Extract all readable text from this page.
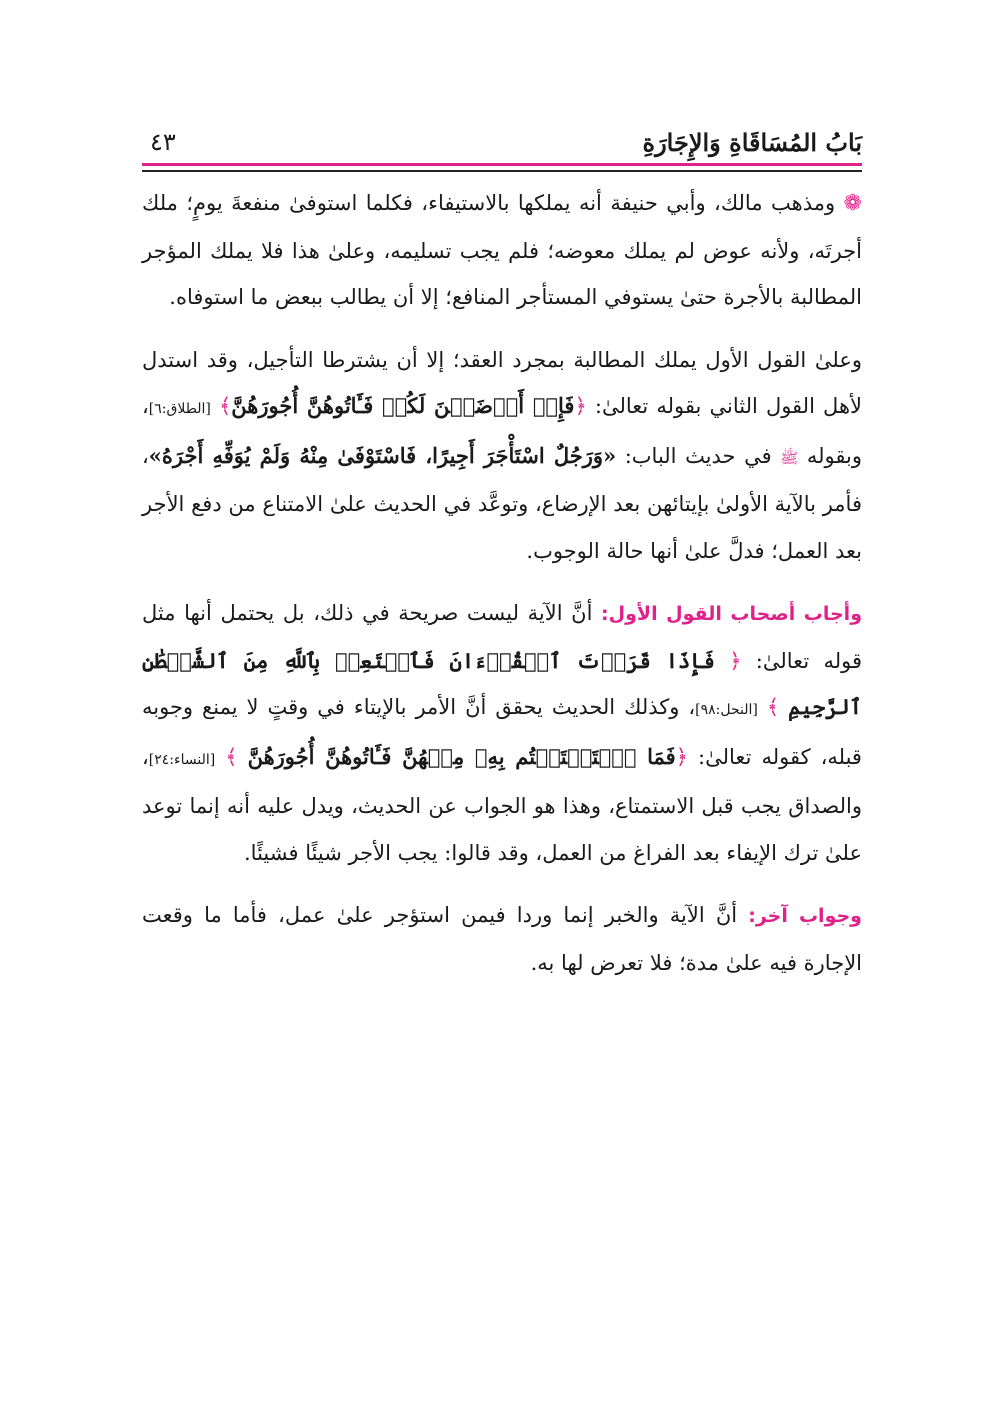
بَابُ المُسَاقَاةِ وَالإِجَارَةِ
٤٣

❁ ومذهب مالك، وأبي حنيفة أنه يملكها بالاستيفاء، فكلما استوفىٰ منفعةَ يومٍ؛ ملك أجرتَه، ولأنه عوض لم يملك معوضه؛ فلم يجب تسليمه، وعلىٰ هذا فلا يملك المؤجر المطالبة بالأجرة حتىٰ يستوفي المستأجر المنافع؛ إلا أن يطالب ببعض ما استوفاه.

وعلىٰ القول الأول يملك المطالبة بمجرد العقد؛ إلا أن يشترطا التأجيل، وقد استدل لأهل القول الثاني بقوله تعالىٰ: ﴿فَإِنۡ أَرۡضَعۡنَ لَكُمۡ فَـَٔاتُوهُنَّ أُجُورَهُنَّ﴾ [الطلاق:٦]، وبقوله ﷺ في حديث الباب: «وَرَجُلٌ اسْتَأْجَرَ أَجِيرًا، فَاسْتَوْفَىٰ مِنْهُ وَلَمْ يُوَفِّهِ أَجْرَهُ»، فأمر بالآية الأولىٰ بإيتائهن بعد الإرضاع، وتوعَّد في الحديث علىٰ الامتناع من دفع الأجر بعد العمل؛ فدلَّ علىٰ أنها حالة الوجوب.

وأجاب أصحاب القول الأول: أنَّ الآية ليست صريحة في ذلك، بل يحتمل أنها مثل قوله تعالىٰ: ﴿ فَإِذَا قَرَأۡتَ ٱلۡقُرۡءَانَ فَٱسۡتَعِذۡ بِٱللَّهِ مِنَ ٱلشَّيۡطَٰنِ ٱلرَّجِيمِ ﴾ [النحل:٩٨]، وكذلك الحديث يحقق أنَّ الأمر بالإيتاء في وقتٍ لا يمنع وجوبه قبله، كقوله تعالىٰ: ﴿فَمَا ٱسۡتَمۡتَعۡتُم بِهِۦ مِنۡهُنَّ فَـَٔاتُوهُنَّ أُجُورَهُنَّ ﴾ [النساء:٢٤]، والصداق يجب قبل الاستمتاع، وهذا هو الجواب عن الحديث، ويدل عليه أنه إنما توعد علىٰ ترك الإيفاء بعد الفراغ من العمل، وقد قالوا: يجب الأجر شيئًا فشيئًا.

وجواب آخر: أنَّ الآية والخبر إنما وردا فيمن استؤجر علىٰ عمل، فأما ما وقعت الإجارة فيه علىٰ مدة؛ فلا تعرض لها به.
